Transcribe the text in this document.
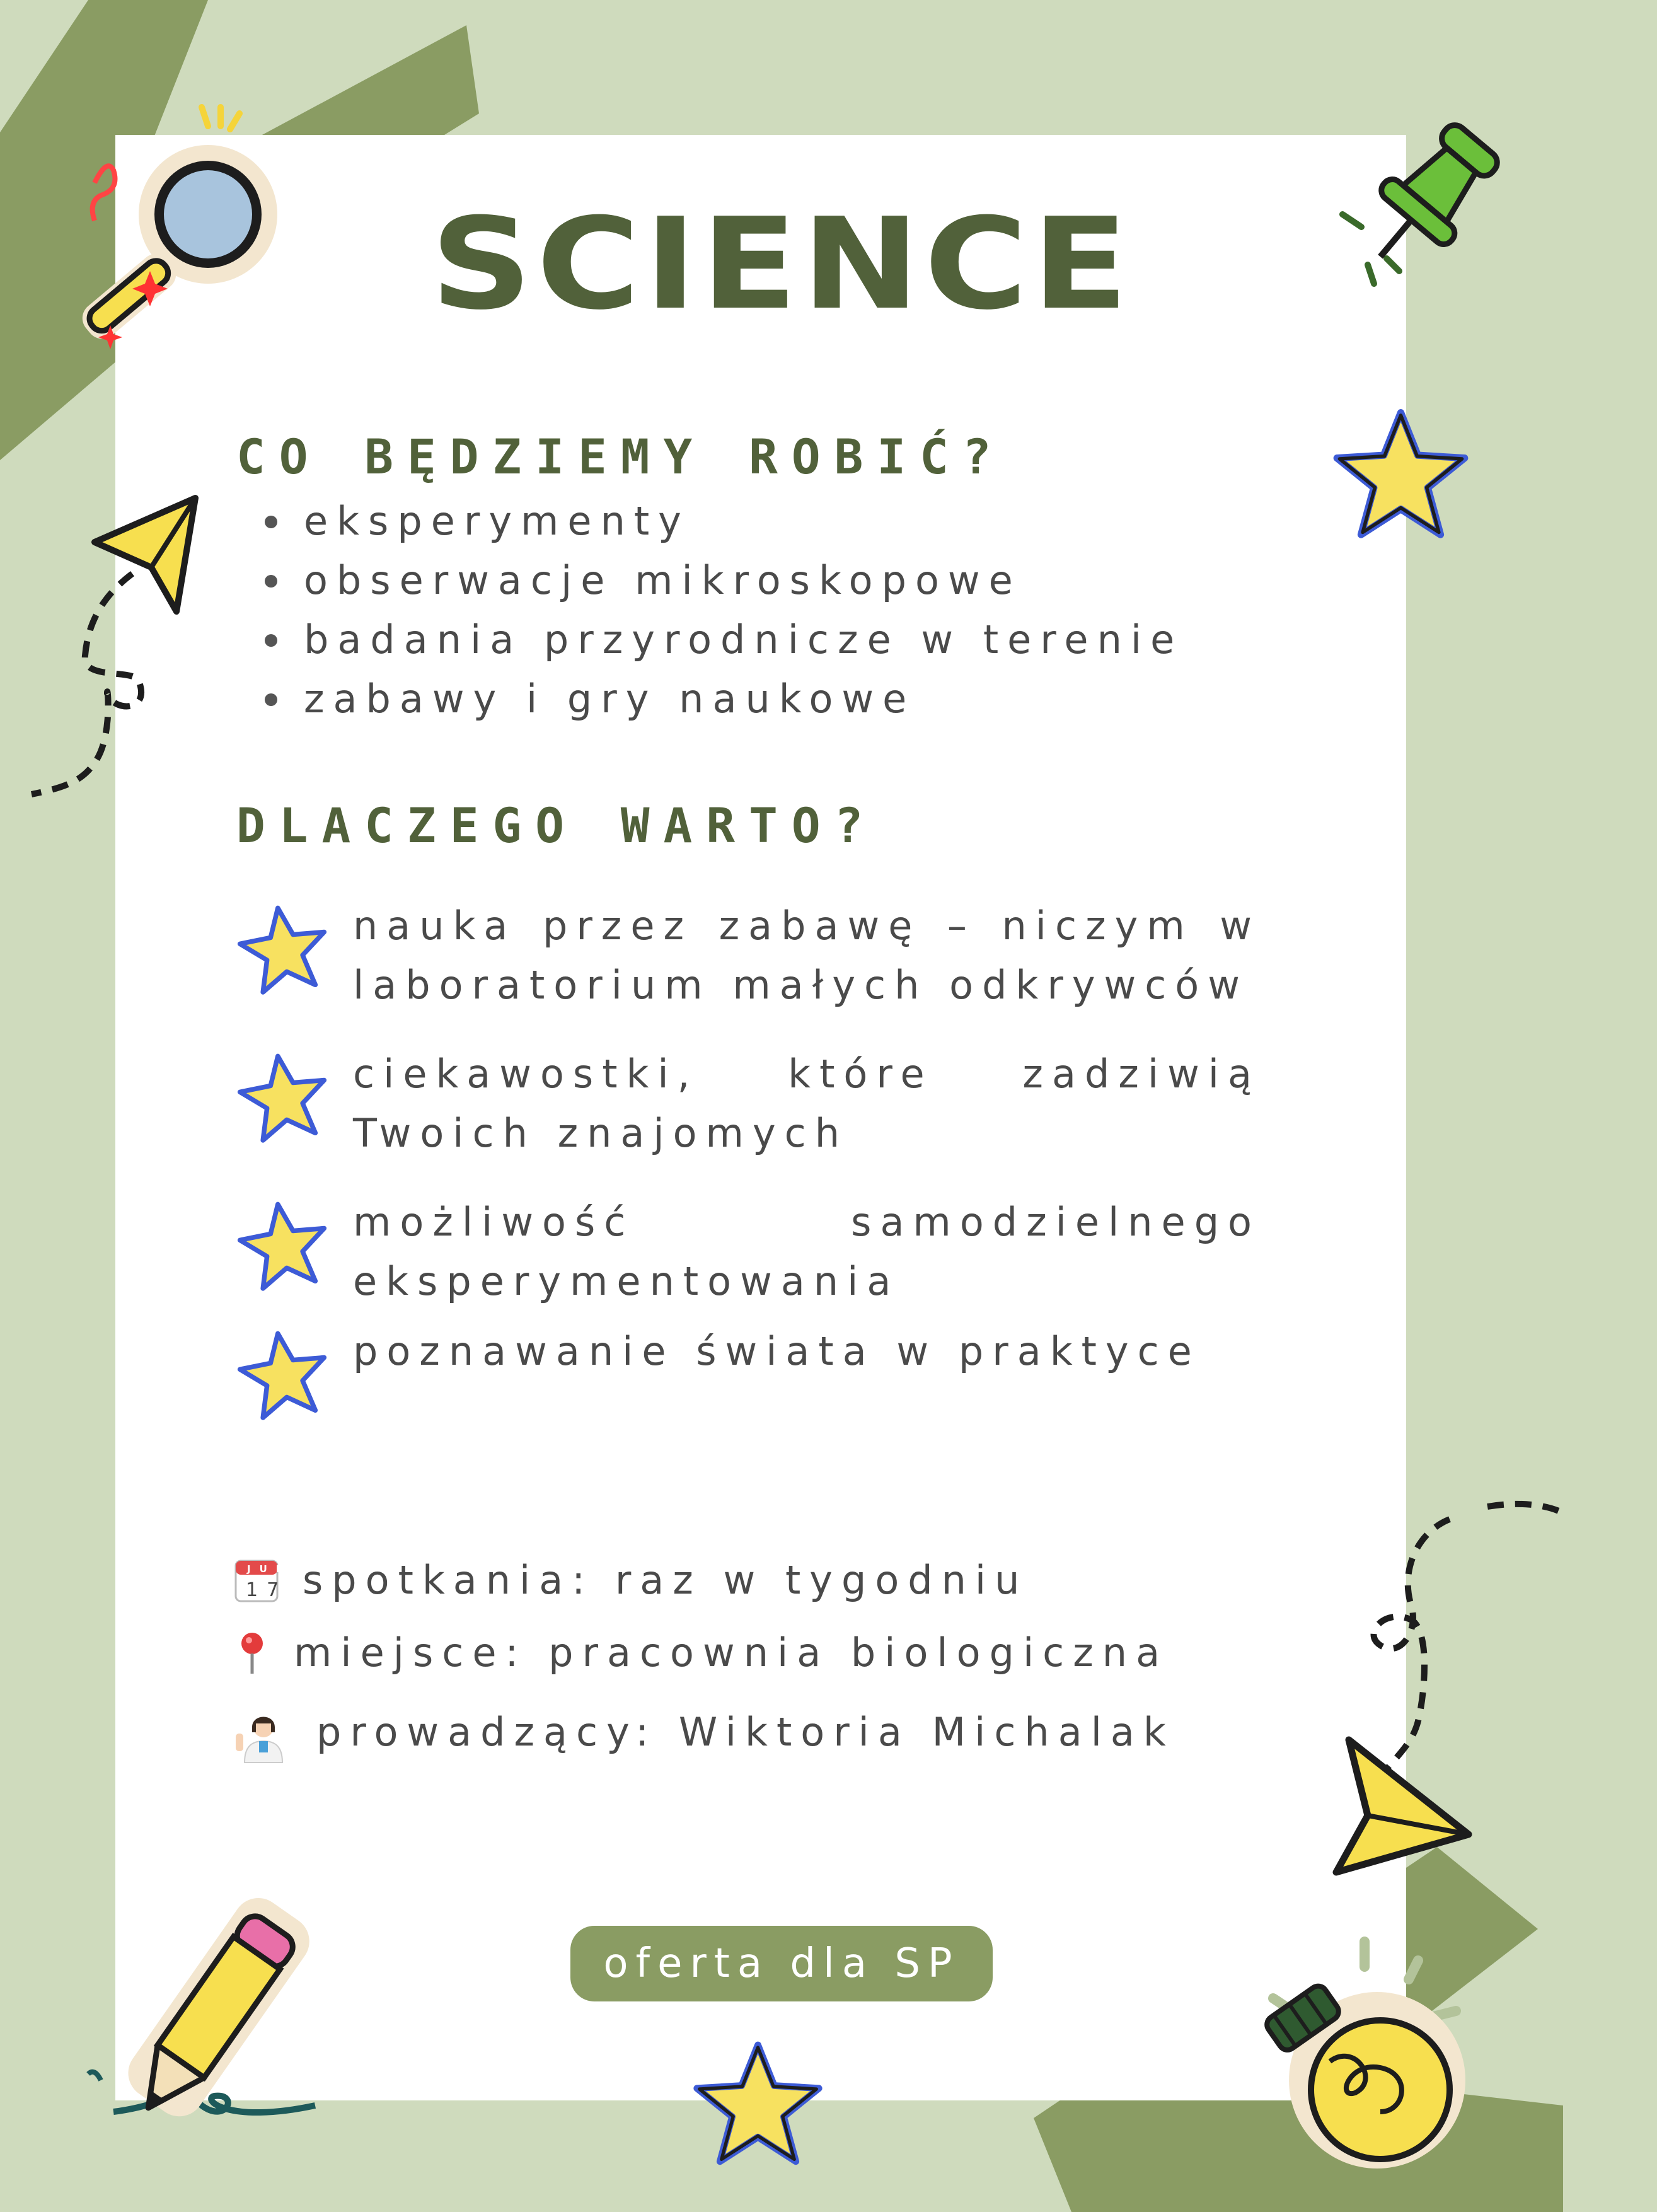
SCIENCE
CO BĘDZIEMY ROBIĆ?
eksperymenty
obserwacje mikroskopowe
badania przyrodnicze w terenie
zabawy i gry naukowe
DLACZEGO WARTO?
nauka przez zabawę – niczym w
laboratorium małych odkrywców
ciekawostki, które zadziwią
Twoich znajomych
możliwość samodzielnego
eksperymentowania
poznawanie świata w praktyce
JUL
17 spotkania: raz w tygodniu
miejsce: pracownia biologiczna
prowadzący: Wiktoria Michalak
oferta dla SP
